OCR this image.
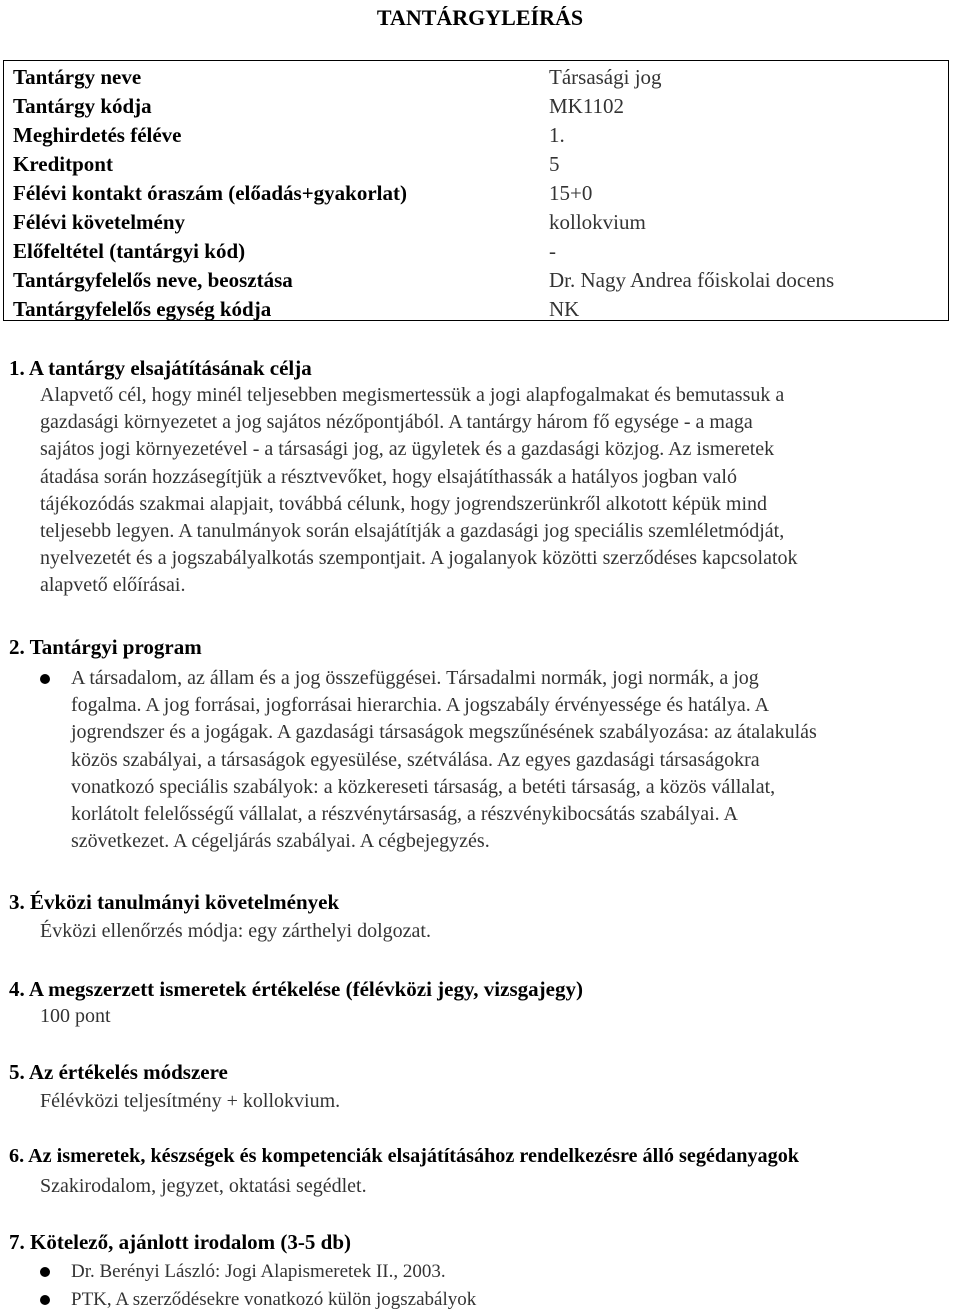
TANTÁRGYLEÍRÁS
Tantárgy neve	Társasági jog
Tantárgy kódja	MK1102
Meghirdetés féléve	1.
Kreditpont	5
Félévi kontakt óraszám (előadás+gyakorlat)	15+0
Félévi követelmény	kollokvium
Előfeltétel (tantárgyi kód)	-
Tantárgyfelelős neve, beosztása	Dr. Nagy Andrea főiskolai docens
Tantárgyfelelős egység kódja	NK
1. A tantárgy elsajátításának célja
Alapvető cél, hogy minél teljesebben megismertessük a jogi alapfogalmakat és bemutassuk a
gazdasági környezetet a jog sajátos nézőpontjából. A tantárgy három fő egysége - a maga
sajátos jogi környezetével - a társasági jog, az ügyletek és a gazdasági közjog. Az ismeretek
átadása során hozzásegítjük a résztvevőket, hogy elsajátíthassák a hatályos jogban való
tájékozódás szakmai alapjait, továbbá célunk, hogy jogrendszerünkről alkotott képük mind
teljesebb legyen. A tanulmányok során elsajátítják a gazdasági jog speciális szemléletmódját,
nyelvezetét és a jogszabályalkotás szempontjait. A jogalanyok közötti szerződéses kapcsolatok
alapvető előírásai.
2. Tantárgyi program
A társadalom, az állam és a jog összefüggései. Társadalmi normák, jogi normák, a jog
fogalma. A jog forrásai, jogforrásai hierarchia. A jogszabály érvényessége és hatálya. A
jogrendszer és a jogágak. A gazdasági társaságok megszűnésének szabályozása: az átalakulás
közös szabályai, a társaságok egyesülése, szétválása. Az egyes gazdasági társaságokra
vonatkozó speciális szabályok: a közkereseti társaság, a betéti társaság, a közös vállalat,
korlátolt felelősségű vállalat, a részvénytársaság, a részvénykibocsátás szabályai. A
szövetkezet. A cégeljárás szabályai. A cégbejegyzés.
3. Évközi tanulmányi követelmények
Évközi ellenőrzés módja: egy zárthelyi dolgozat.
4. A megszerzett ismeretek értékelése (félévközi jegy, vizsgajegy)
100 pont
5. Az értékelés módszere
Félévközi teljesítmény + kollokvium.
6. Az ismeretek, készségek és kompetenciák elsajátításához rendelkezésre álló segédanyagok
Szakirodalom, jegyzet, oktatási segédlet.
7. Kötelező, ajánlott irodalom (3-5 db)
Dr. Berényi László: Jogi Alapismeretek II., 2003.
PTK, A szerződésekre vonatkozó külön jogszabályok
